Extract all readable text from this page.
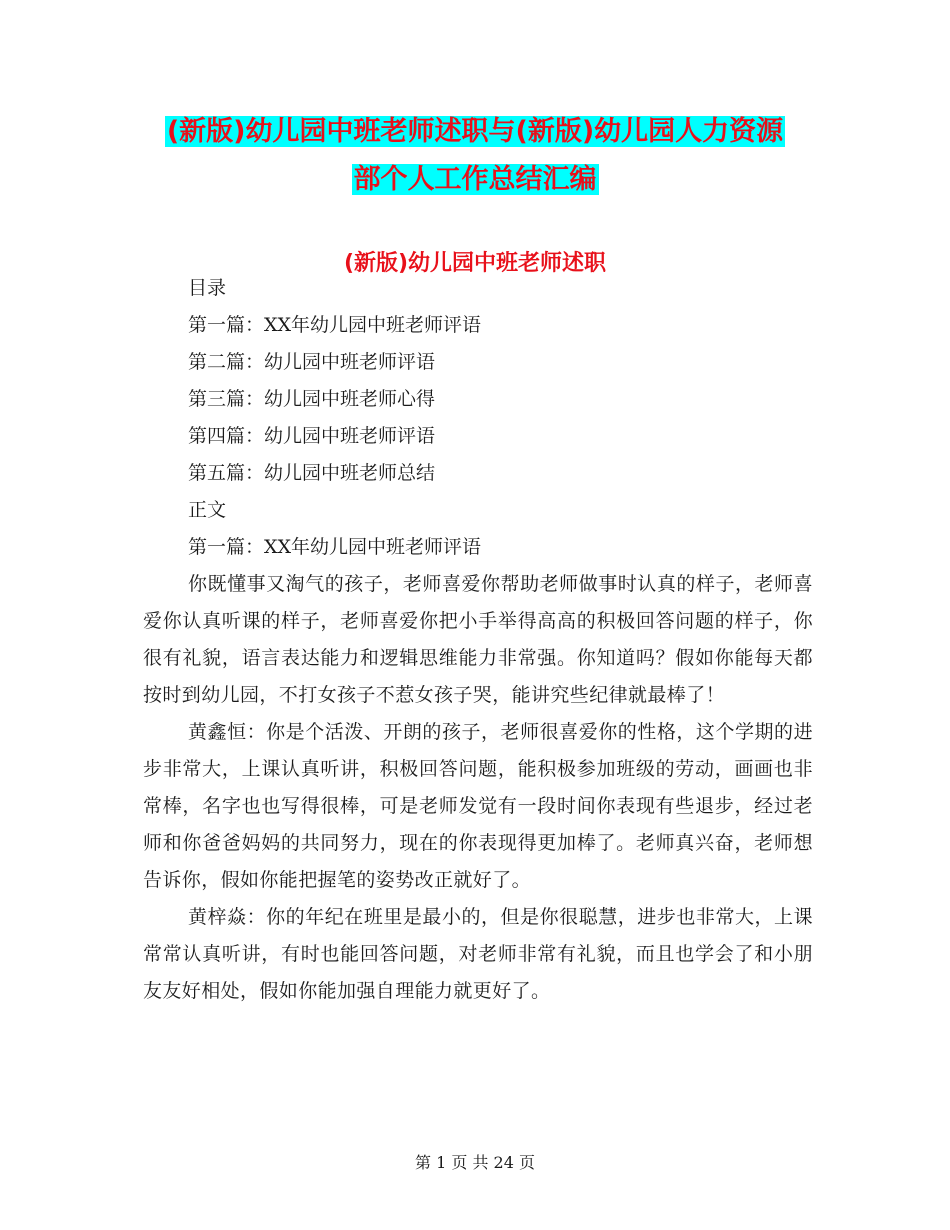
(新版)幼儿园中班老师述职与(新版)幼儿园人力资源
部个人工作总结汇编
(新版)幼儿园中班老师述职
目录
第一篇：XX年幼儿园中班老师评语
第二篇：幼儿园中班老师评语
第三篇：幼儿园中班老师心得
第四篇：幼儿园中班老师评语
第五篇：幼儿园中班老师总结
正文
第一篇：XX年幼儿园中班老师评语

你既懂事又淘气的孩子，老师喜爱你帮助老师做事时认真的样子，老师喜爱你认真听课的样子，老师喜爱你把小手举得高高的积极回答问题的样子，你很有礼貌，语言表达能力和逻辑思维能力非常强。你知道吗？假如你能每天都按时到幼儿园，不打女孩子不惹女孩子哭，能讲究些纪律就最棒了！

黄鑫恒：你是个活泼、开朗的孩子，老师很喜爱你的性格，这个学期的进步非常大，上课认真听讲，积极回答问题，能积极参加班级的劳动，画画也非常棒，名字也也写得很棒，可是老师发觉有一段时间你表现有些退步，经过老师和你爸爸妈妈的共同努力，现在的你表现得更加棒了。老师真兴奋，老师想告诉你，假如你能把握笔的姿势改正就好了。

黄梓焱：你的年纪在班里是最小的，但是你很聪慧，进步也非常大，上课常常认真听讲，有时也能回答问题，对老师非常有礼貌，而且也学会了和小朋友友好相处，假如你能加强自理能力就更好了。

第 1 页 共 24 页
